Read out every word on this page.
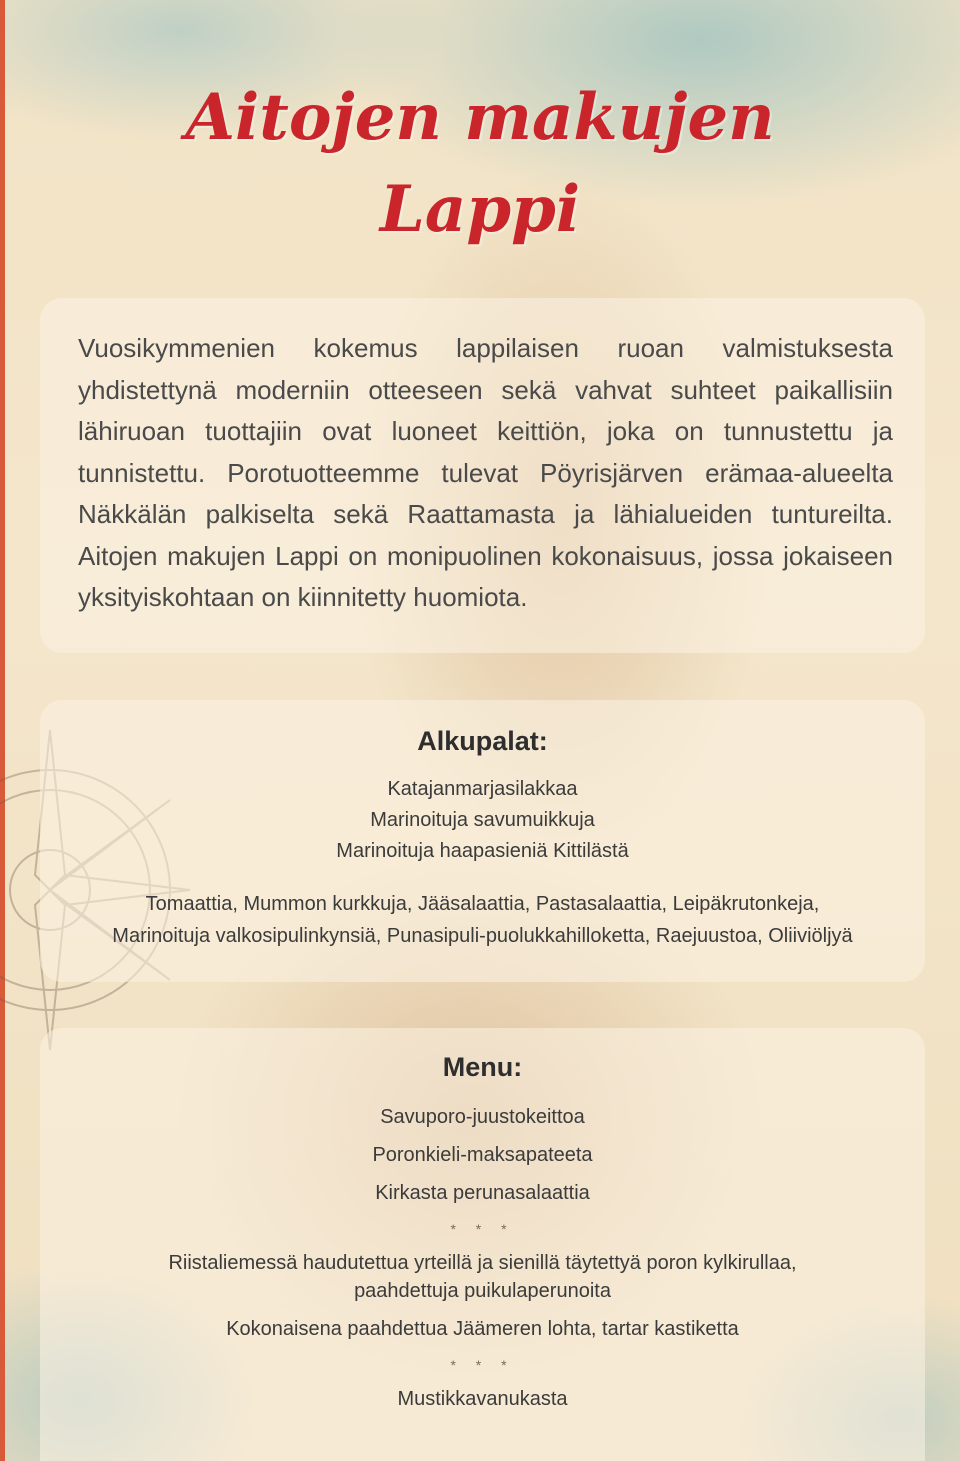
Aitojen makujen
Lappi

Vuosikymmenien kokemus lappilaisen ruoan valmistuksesta yhdistettynä moderniin otteeseen sekä vahvat suhteet paikallisiin lähiruoan tuottajiin ovat luoneet keittiön, joka on tunnustettu ja tunnistettu. Porotuotteemme tulevat Pöyrisjärven erämaa-alueelta Näkkälän palkiselta sekä Raattamasta ja lähialueiden tuntureilta. Aitojen makujen Lappi on monipuolinen kokonaisuus, jossa jokaiseen yksityiskohtaan on kiinnitetty huomiota.

Alkupalat:
Katajanmarjasilakkaa
Marinoituja savumuikkuja
Marinoituja haapasieniä Kittilästä
Tomaattia, Mummon kurkkuja, Jääsalaattia, Pastasalaattia, Leipäkrutonkeja,
Marinoituja valkosipulinkynsiä, Punasipuli-puolukkahilloketta, Raejuustoa, Oliiviöljyä
Menu:
Savuporo-juustokeittoa
Poronkieli-maksapateeta
Kirkasta perunasalaattia
* * *
Riistaliemessä haudutettua yrteillä ja sienillä täytettyä poron kylkirullaa,
paahdettuja puikulaperunoita
Kokonaisena paahdettua Jäämeren lohta, tartar kastiketta
* * *
Mustikkavanukasta
